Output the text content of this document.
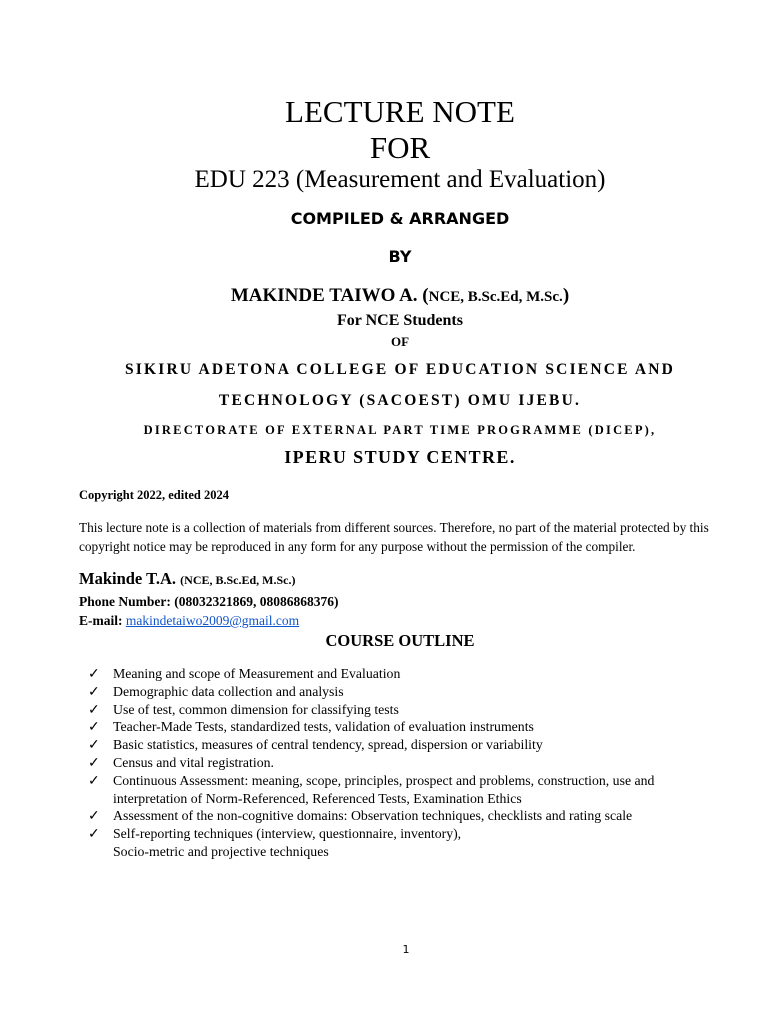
LECTURE NOTE
FOR
EDU 223 (Measurement and Evaluation)
COMPILED & ARRANGED
BY
MAKINDE TAIWO A. (NCE, B.Sc.Ed, M.Sc.)
For NCE Students
OF
SIKIRU ADETONA COLLEGE OF EDUCATION SCIENCE AND
TECHNOLOGY (SACOEST) OMU IJEBU.
DIRECTORATE OF EXTERNAL PART TIME PROGRAMME (DICEP),
IPERU STUDY CENTRE.
Copyright 2022, edited 2024
This lecture note is a collection of materials from different sources. Therefore, no part of the material protected by this copyright notice may be reproduced in any form for any purpose without the permission of the compiler.
Makinde T.A. (NCE, B.Sc.Ed, M.Sc.)
Phone Number: (08032321869, 08086868376)
E-mail: makindetaiwo2009@gmail.com
COURSE OUTLINE
✓ Meaning and scope of Measurement and Evaluation
✓ Demographic data collection and analysis
✓ Use of test, common dimension for classifying tests
✓ Teacher-Made Tests, standardized tests, validation of evaluation instruments
✓ Basic statistics, measures of central tendency, spread, dispersion or variability
✓ Census and vital registration.
✓ Continuous Assessment: meaning, scope, principles, prospect and problems, construction, use and interpretation of Norm-Referenced, Referenced Tests, Examination Ethics
✓ Assessment of the non-cognitive domains: Observation techniques, checklists and rating scale
✓ Self-reporting techniques (interview, questionnaire, inventory),
Socio-metric and projective techniques
1
